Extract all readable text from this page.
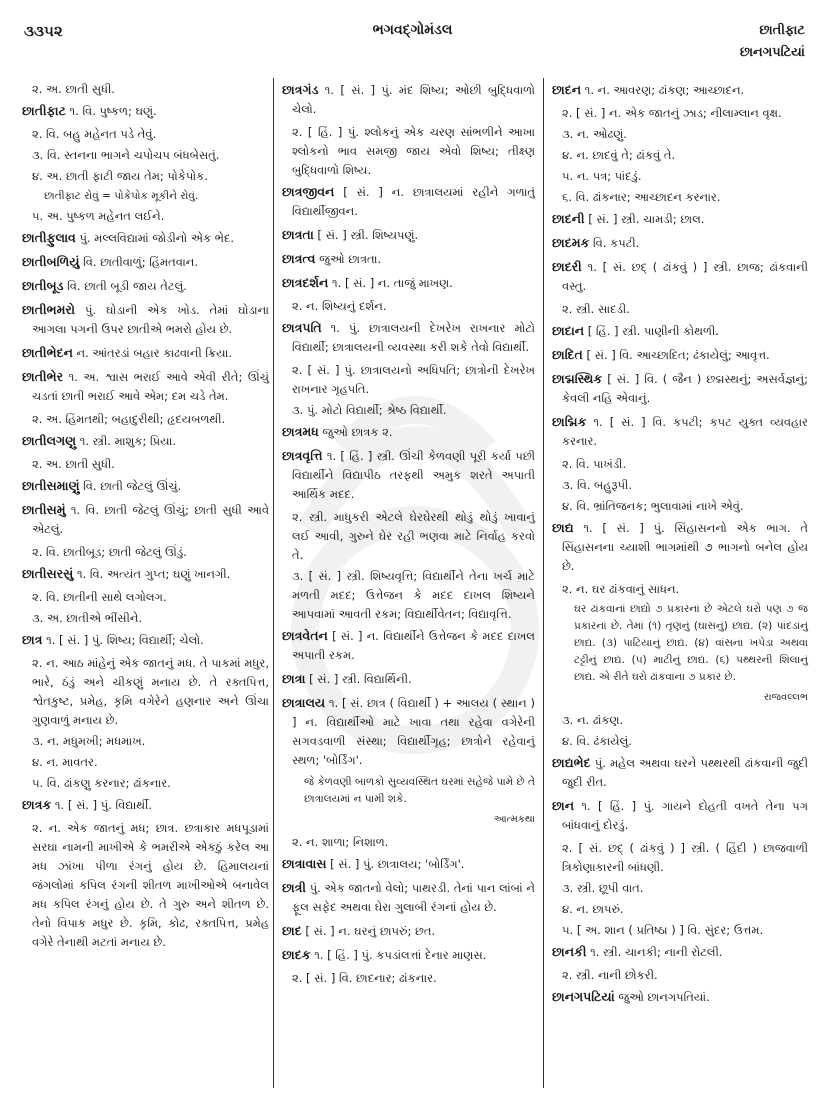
૩૩૫૨	ભગવદ્ગોમંડલ	છાતીફાટ
છાનગપટિયાં
૨. અ. છાતી સુધી.
છાતીફાટ ૧. વિ. પુષ્કળ; ઘણું.
૨. વિ. બહુ મહેનત પડે તેવું.
૩. વિ. સ્તનના ભાગને ચપોચપ બંધબેસતું.
૪. અ. છાતી ફાટી જાય તેમ; પોકેપોક.
છાતીફાટ રોવું = પોકેપોક મૂકીને રોવું.
૫. અ. પુષ્કળ મહેનત લઈને.
છાતીફુલાવ પું. મલ્લવિદ્યામાં જોડીનો એક ભેદ.
છાતીબળિયું વિ. છાતીવાળું; હિંમતવાન.
છાતીબૂડ વિ. છાતી બૂડી જાય તેટલું.
છાતીભમરો પું. ઘોડાની એક ખોડ. તેમાં ઘોડાના આગલા પગની ઉપર છાતીએ ભમરો હોય છે.
છાતીભેદન ન. આંતરડાં બહાર કાઢવાની ક્રિયા.
છાતીભેર ૧. અ. શ્વાસ ભરાઈ આવે એવી રીતે; ઊંચું ચડતાં છાતી ભરાઈ આવે એમ; દમ ચડે તેમ.
૨. અ. હિંમતથી; બહાદુરીથી; હૃદયબળથી.
છાતીલગણુ ૧. સ્ત્રી. માશુક; પ્રિયા.
૨. અ. છાતી સુધી.
છાતીસમાણું વિ. છાતી જેટલું ઊંચું.
છાતીસમું ૧. વિ. છાતી જેટલું ઊંચું; છાતી સુધી આવે એટલું.
૨. વિ. છાતીબૂડ; છાતી જેટલું ઊંડું.
છાતીસરસું ૧. વિ. અત્યંત ગુપ્ત; ઘણું ખાનગી.
૨. વિ. છાતીની સાથે લગોલગ.
૩. અ. છાતીએ ભીંસીને.
છાત્ર ૧. [ સં. ] પું. શિષ્ય; વિદ્યાર્થી; ચેલો.
૨. ન. આઠ માંહેનું એક જાતનું મધ. તે પાકમાં મધુર, ભારે, ઠંડું અને ચીકણું મનાય છે. તે રક્તપિત્ત, શ્વેતકુષ્ટ, પ્રમેહ, કૃમિ વગેરેને હણનાર અને ઊંચા ગુણવાળું મનાય છે.
૩. ન. મધુમખી; મધમાખ.
૪. ન. માવતર.
૫. વિ. ઢાંકણુ કરનાર; ઢાંકનાર.
છાત્રક ૧. [ સં. ] પું. વિદ્યાર્થી.
૨. ન. એક જાતનું મધ; છાત્ર. છત્રાકાર મધપૂડામાં સરઘા નામની માખીએ કે ભમરીએ એકઠું કરેલ આ મધ ઝાંખા પીળા રંગનું હોય છે. હિમાલયનાં જંગલોમાં કપિલ રંગની શીતળ માખીઓએ બનાવેલ મધ કપિલ રંગનું હોય છે. તે ગુરુ અને શીતળ છે. તેનો વિપાક મધુર છે. કૃમિ, કોઢ, રક્તપિત્ત, પ્રમેહ વગેરે તેનાથી મટતાં મનાય છે.
છાત્રગંડ ૧. [ સં. ] પું. મંદ શિષ્ય; ઓછી બુદ્ધિવાળો ચેલો.
૨. [ હિં. ] પું. શ્લોકનું એક ચરણ સાંભળીને આખા શ્લોકનો ભાવ સમજી જાય એવો શિષ્ય; તીક્ષ્ણ બુદ્ધિવાળો શિષ્ય.
છાત્રજીવન [ સં. ] ન. છાત્રાલયમાં રહીને ગળાતું વિદ્યાર્થીજીવન.
છાત્રતા [ સં. ] સ્ત્રી. શિષ્યપણું.
છાત્રત્વ જુઓ છાત્રતા.
છાત્રદર્શન ૧. [ સં. ] ન. તાજું માખણ.
૨. ન. શિષ્યનું દર્શન.
છાત્રપતિ ૧. પું. છાત્રાલયની દેખરેખ રાખનાર મોટો વિદ્યાર્થી; છાત્રાલયની વ્યવસ્થા કરી શકે તેવો વિદ્યાર્થી.
૨. [ સં. ] પું. છાત્રાલયનો અધિપતિ; છાત્રોની દેખરેખ રાખનાર ગૃહપતિ.
૩. પું. મોટો વિદ્યાર્થી; શ્રેષ્ઠ વિદ્યાર્થી.
છાત્રમધ જુઓ છાત્રક ૨.
છાત્રવૃત્તિ ૧. [ હિં. ] સ્ત્રી. ઊંચી કેળવણી પૂરી કર્યા પછી વિદ્યાર્થીને વિદ્યાપીઠ તરફથી અમુક શરતે અપાતી આર્થિક મદદ.
૨. સ્ત્રી. માધુકરી એટલે ઘેરઘેરથી થોડું થોડું ખાવાનું લઈ આવી, ગુરુને ઘેર રહી ભણવા માટે નિર્વાહ કરવો તે.
૩. [ સં. ] સ્ત્રી. શિષ્યવૃત્તિ; વિદ્યાર્થીને તેના ખર્ચ માટે મળતી મદદ; ઉત્તેજન કે મદદ દાખલ શિષ્યને આપવામાં આવતી રકમ; વિદ્યાર્થીવેતન; વિદ્યાવૃત્તિ.
છાત્રવેતન [ સં. ] ન. વિદ્યાર્થીને ઉત્તેજન કે મદદ દાખલ અપાતી રકમ.
છાત્રા [ સં. ] સ્ત્રી. વિદ્યાર્થિની.
છાત્રાલય ૧. [ સં. છાત્ર ( વિદ્યાર્થી ) + આલય ( સ્થાન ) ] ન. વિદ્યાર્થીઓ માટે ખાવા તથા રહેવા વગેરેની સગવડવાળી સંસ્થા; વિદ્યાર્થીગૃહ; છાત્રોને રહેવાનું સ્થળ; 'બોર્ડિંગ'.
જે કેળવણી બાળકો સુવ્યવસ્થિત ઘરમાં સહેજે પામે છે તે છાત્રાલયમાં ન પામી શકે.
આત્મકથા
૨. ન. શાળા; નિશાળ.
છાત્રાવાસ [ સં. ] પું. છાત્રાલય; 'બોર્ડિંગ'.
છાત્રી પું. એક જાતનો વેલો; પાથરડી. તેનાં પાન લાંબાં ને ફૂલ સફેદ અથવા ઘેરા ગુલાબી રંગનાં હોય છે.
છાદ [ સં. ] ન. ઘરનું છાપરું; છત.
છાદક ૧. [ હિં. ] પું. કપડાંલત્તાં દેનાર માણસ.
૨. [ સં. ] વિ. છાદનાર; ઢાંકનાર.
છાદન ૧. ન. આવરણ; ઢાંકણ; આચ્છાદન.
૨. [ સં. ] ન. એક જાતનું ઝાડ; નીલામ્લાન વૃક્ષ.
૩. ન. ઓઢણું.
૪. ન. છાદવું તે; ઢાંકવું તે.
૫. ન. પત્ર; પાંદડું.
૬. વિ. ઢાંકનાર; આચ્છાદન કરનાર.
છાદની [ સં. ] સ્ત્રી. ચામડી; છાલ.
છાદમક વિ. કપટી.
છાદરી ૧. [ સં. છદ્ ( ઢાંકવું ) ] સ્ત્રી. છાજ; ઢાંકવાની વસ્તુ.
૨. સ્ત્રી. સાદડી.
છાદાન [ હિં. ] સ્ત્રી. પાણીની કોથળી.
છાદિત [ સં. ] વિ. આચ્છાદિત; ઢંકાયેલું; આવૃત્ત.
છાદ્મસ્થિક [ સં. ] વિ. ( જૈન ) છદ્મસ્થનું; અસર્વજ્ઞનું; કેવલી નહિ એવાનું.
છાદ્મિક ૧. [ સં. ] વિ. કપટી; કપટ યુક્ત વ્યવહાર કરનાર.
૨. વિ. પાખંડી.
૩. વિ. બહુરૂપી.
૪. વિ. ભ્રાંતિજનક; ભુલાવામાં નાખે એવું.
છાદ્ય ૧. [ સં. ] પું. સિંહાસનનો એક ભાગ. તે સિંહાસનના ચ્યાશી ભાગમાંથી ૭ ભાગનો બનેલ હોય છે.
૨. ન. ઘર ઢાંકવાનું સાધન.
ઘર ઢાંકવાનાં છાદ્યો ૭ પ્રકારનાં છે એટલે ઘરો પણ ૭ જ પ્રકારનાં છે. તેમાં (૧) તૃણનું (ઘાસનું) છાદ્ય. (૨) પાંદડાંનું છાદ્ય. (૩) પાટિયાનું છાદ્ય. (૪) વાંસના ખપેડા અથવા ટટ્ટીનું છાદ્ય. (૫) માટીનું છાદ્ય. (૬) પથ્થરની શિલાનું છાદ્ય. એ રીતે ઘરો ઢાંકવાના ૭ પ્રકાર છે.
રાજવલ્લભ
૩. ન. ઢાંકણ.
૪. વિ. ઢંકાયેલું.
છાદ્યભેદ પું. મહેલ અથવા ઘરને પથ્થરથી ઢાંકવાની જુદી જુદી રીત.
છાન ૧. [ હિં. ] પું. ગાયને દોહતી વખતે તેના પગ બાંધવાનું દોરડું.
૨. [ સં. છદ્ ( ઢાંકવું ) ] સ્ત્રી. ( હિંદી ) છાજવાળી ત્રિકોણાકારની બાંધણી.
૩. સ્ત્રી. છૂપી વાત.
૪. ન. છાપરું.
૫. [ અ. શાન ( પ્રતિષ્ઠા ) ] વિ. સુંદર; ઉત્તમ.
છાનકી ૧. સ્ત્રી. ચાનકી; નાની રોટલી.
૨. સ્ત્રી. નાની છોકરી.
છાનગપટિયાં જુઓ છાનગપતિયાં.
